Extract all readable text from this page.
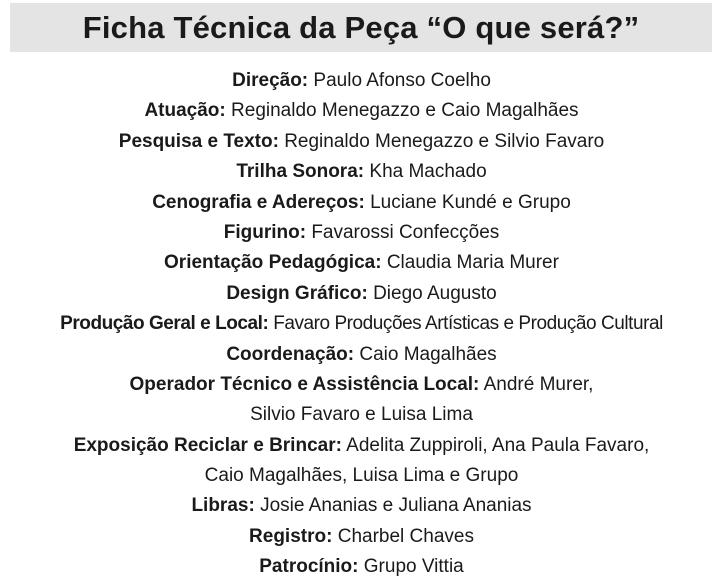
Ficha Técnica da Peça “O que será?”
Direção: Paulo Afonso Coelho
Atuação: Reginaldo Menegazzo e Caio Magalhães
Pesquisa e Texto: Reginaldo Menegazzo e Silvio Favaro
Trilha Sonora: Kha Machado
Cenografia e Adereços: Luciane Kundé e Grupo
Figurino: Favarossi Confecções
Orientação Pedagógica: Claudia Maria Murer
Design Gráfico: Diego Augusto
Produção Geral e Local: Favaro Produções Artísticas e Produção Cultural
Coordenação: Caio Magalhães
Operador Técnico e Assistência Local: André Murer,
Silvio Favaro e Luisa Lima
Exposição Reciclar e Brincar: Adelita Zuppiroli, Ana Paula Favaro,
Caio Magalhães, Luisa Lima e Grupo
Libras: Josie Ananias e Juliana Ananias
Registro: Charbel Chaves
Patrocínio: Grupo Vittia
